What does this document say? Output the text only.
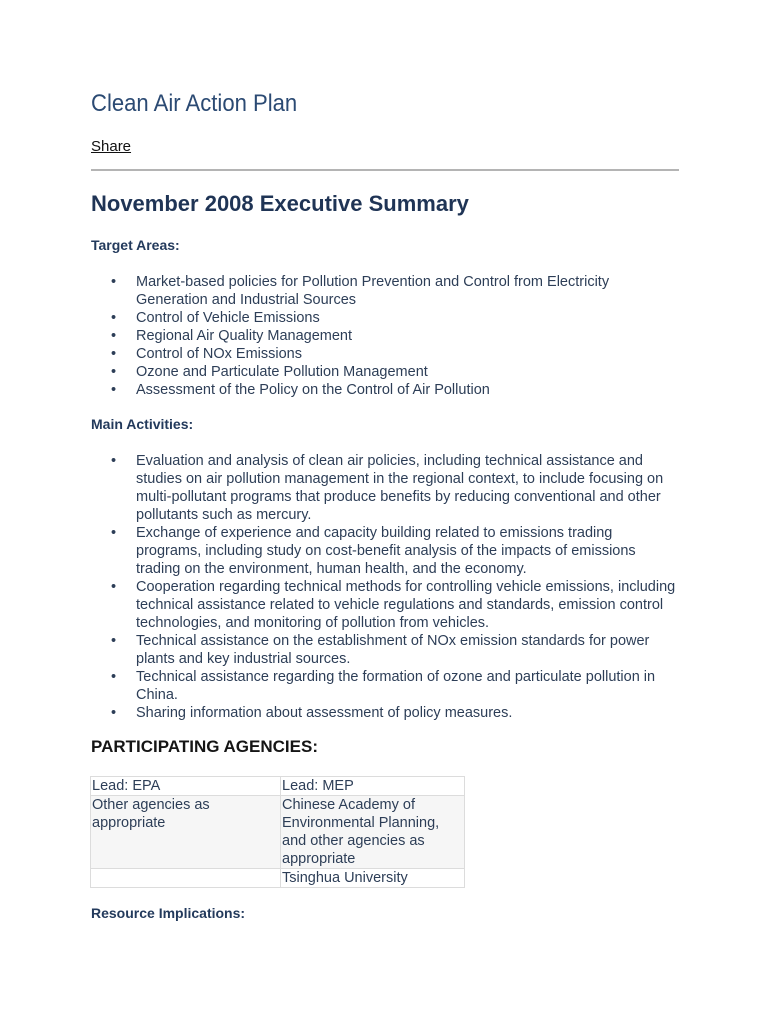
Clean Air Action Plan
Share
November 2008 Executive Summary
Target Areas:
• Market-based policies for Pollution Prevention and Control from Electricity Generation and Industrial Sources
• Control of Vehicle Emissions
• Regional Air Quality Management
• Control of NOx Emissions
• Ozone and Particulate Pollution Management
• Assessment of the Policy on the Control of Air Pollution
Main Activities:
• Evaluation and analysis of clean air policies, including technical assistance and studies on air pollution management in the regional context, to include focusing on multi-pollutant programs that produce benefits by reducing conventional and other pollutants such as mercury.
• Exchange of experience and capacity building related to emissions trading programs, including study on cost-benefit analysis of the impacts of emissions trading on the environment, human health, and the economy.
• Cooperation regarding technical methods for controlling vehicle emissions, including technical assistance related to vehicle regulations and standards, emission control technologies, and monitoring of pollution from vehicles.
• Technical assistance on the establishment of NOx emission standards for power plants and key industrial sources.
• Technical assistance regarding the formation of ozone and particulate pollution in China.
• Sharing information about assessment of policy measures.
PARTICIPATING AGENCIES:
Lead: EPA	Lead: MEP
Other agencies as appropriate	Chinese Academy of Environmental Planning, and other agencies as appropriate
	Tsinghua University
Resource Implications:
